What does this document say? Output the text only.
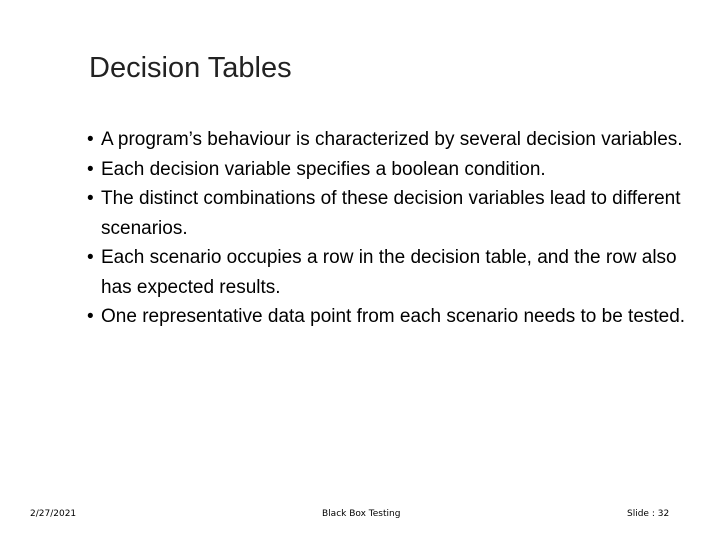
Decision Tables
• A program’s behaviour is characterized by several decision variables.
• Each decision variable specifies a boolean condition.
• The distinct combinations of these decision variables lead to different scenarios.
• Each scenario occupies a row in the decision table, and the row also has expected results.
• One representative data point from each scenario needs to be tested.
2/27/2021	Black Box Testing	Slide : 32
